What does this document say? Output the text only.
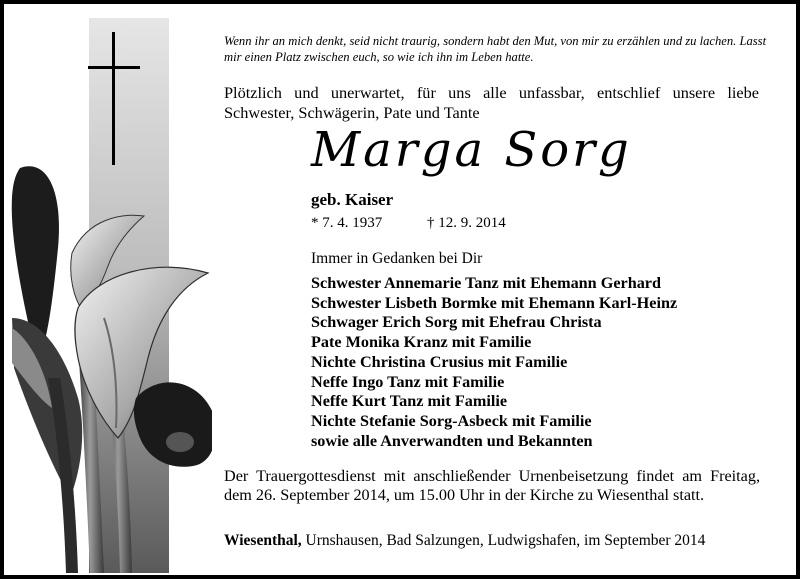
Wenn ihr an mich denkt, seid nicht traurig, sondern habt den Mut, von mir zu erzählen und zu lachen. Lasst mir einen Platz zwischen euch, so wie ich ihn im Leben hatte.
Plötzlich und unerwartet, für uns alle unfassbar, entschlief unsere liebe Schwester, Schwägerin, Pate und Tante
Marga Sorg
geb. Kaiser
* 7. 4. 1937	† 12. 9. 2014
Immer in Gedanken bei Dir
Schwester Annemarie Tanz mit Ehemann Gerhard
Schwester Lisbeth Bormke mit Ehemann Karl-Heinz
Schwager Erich Sorg mit Ehefrau Christa
Pate Monika Kranz mit Familie
Nichte Christina Crusius mit Familie
Neffe Ingo Tanz mit Familie
Neffe Kurt Tanz mit Familie
Nichte Stefanie Sorg-Asbeck mit Familie
sowie alle Anverwandten und Bekannten
Der Trauergottesdienst mit anschließender Urnenbeisetzung findet am Freitag, dem 26. September 2014, um 15.00 Uhr in der Kirche zu Wiesenthal statt.
Wiesenthal, Urnshausen, Bad Salzungen, Ludwigshafen, im September 2014
